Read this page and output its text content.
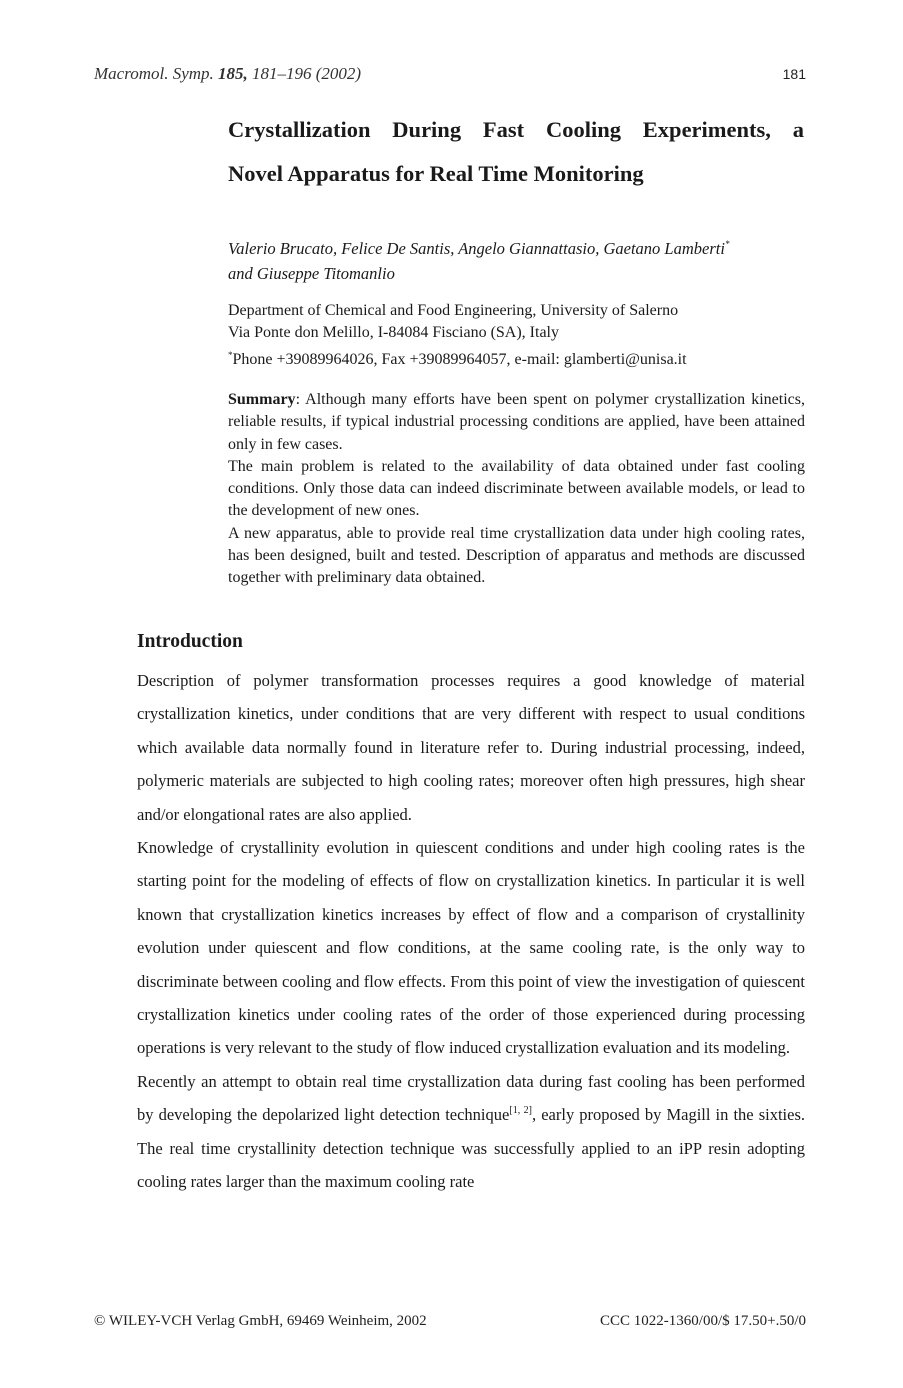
Macromol. Symp. 185, 181–196 (2002)	181
Crystallization During Fast Cooling Experiments, a
Novel Apparatus for Real Time Monitoring
Valerio Brucato, Felice De Santis, Angelo Giannattasio, Gaetano Lamberti*
and Giuseppe Titomanlio
Department of Chemical and Food Engineering, University of Salerno
Via Ponte don Melillo, I-84084 Fisciano (SA), Italy
*Phone +39089964026, Fax +39089964057, e-mail: glamberti@unisa.it

Summary: Although many efforts have been spent on polymer crystallization kinetics, reliable results, if typical industrial processing conditions are applied, have been attained only in few cases.

The main problem is related to the availability of data obtained under fast cooling conditions. Only those data can indeed discriminate between available models, or lead to the development of new ones.

A new apparatus, able to provide real time crystallization data under high cooling rates, has been designed, built and tested. Description of apparatus and methods are discussed together with preliminary data obtained.

Introduction

Description of polymer transformation processes requires a good knowledge of material crystallization kinetics, under conditions that are very different with respect to usual conditions which available data normally found in literature refer to. During industrial processing, indeed, polymeric materials are subjected to high cooling rates; moreover often high pressures, high shear and/or elongational rates are also applied.

Knowledge of crystallinity evolution in quiescent conditions and under high cooling rates is the starting point for the modeling of effects of flow on crystallization kinetics. In particular it is well known that crystallization kinetics increases by effect of flow and a comparison of crystallinity evolution under quiescent and flow conditions, at the same cooling rate, is the only way to discriminate between cooling and flow effects. From this point of view the investigation of quiescent crystallization kinetics under cooling rates of the order of those experienced during processing operations is very relevant to the study of flow induced crystallization evaluation and its modeling.

Recently an attempt to obtain real time crystallization data during fast cooling has been performed by developing the depolarized light detection technique[1, 2], early proposed by Magill in the sixties. The real time crystallinity detection technique was successfully applied to an iPP resin adopting cooling rates larger than the maximum cooling rate

© WILEY-VCH Verlag GmbH, 69469 Weinheim, 2002	CCC 1022-1360/00/$ 17.50+.50/0
